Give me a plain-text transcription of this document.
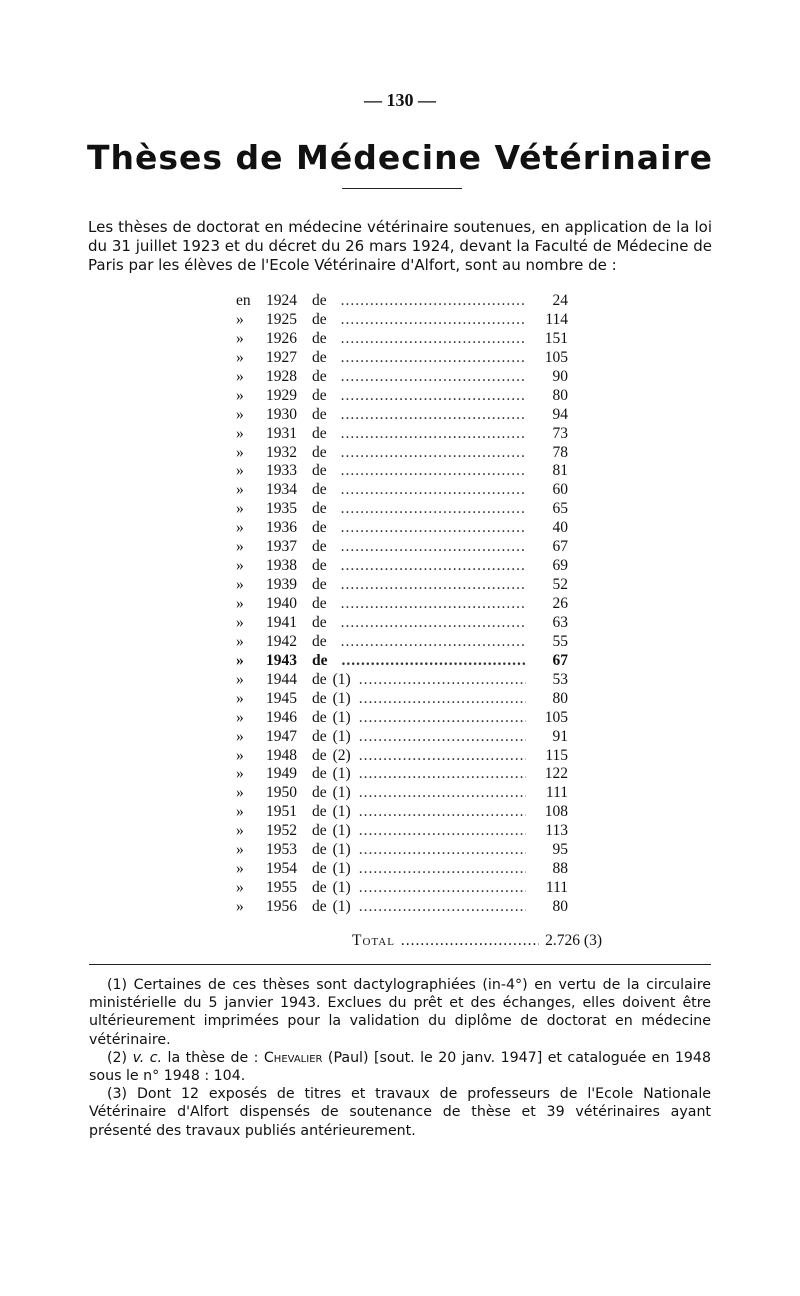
— 130 —
Thèses de Médecine Vétérinaire

Les thèses de doctorat en médecine vétérinaire soutenues, en application de la loi du 31 juillet 1923 et du décret du 26 mars 1924, devant la Faculté de Médecine de Paris par les élèves de l'Ecole Vétérinaire d'Alfort, sont au nombre de :

en 1924 de .....	24
»	1925 de .....	114
»	1926 de .....	151
»	1927 de .....	105
»	1928 de .....	90
»	1929 de .....	80
»	1930 de .....	94
»	1931 de .....	73
»	1932 de .....	78
»	1933 de .....	81
»	1934 de .....	60
»	1935 de .....	65
»	1936 de .....	40
»	1937 de .....	67
»	1938 de .....	69
»	1939 de .....	52
»	1940 de .....	26
»	1941 de .....	63
»	1942 de .....	55
»	1943 de .....	67
»	1944 de (1) .....	53
»	1945 de (1) .....	80
»	1946 de (1) .....	105
»	1947 de (1) .....	91
»	1948 de (2) .....	115
»	1949 de (1) .....	122
»	1950 de (1) .....	111
»	1951 de (1) .....	108
»	1952 de (1) .....	113
»	1953 de (1) .....	95
»	1954 de (1) .....	88
»	1955 de (1) .....	111
»	1956 de (1) .....	80
Total .....	2.726 (3)

(1) Certaines de ces thèses sont dactylographiées (in-4°) en vertu de la circulaire ministérielle du 5 janvier 1943. Exclues du prêt et des échanges, elles doivent être ultérieurement imprimées pour la validation du diplôme de doctorat en médecine vétérinaire.

(2) v. c. la thèse de : Chevalier (Paul) [sout. le 20 janv. 1947] et cataloguée en 1948 sous le n° 1948 : 104.

(3) Dont 12 exposés de titres et travaux de professeurs de l'Ecole Nationale Vétérinaire d'Alfort dispensés de soutenance de thèse et 39 vétérinaires ayant présenté des travaux publiés antérieurement.
